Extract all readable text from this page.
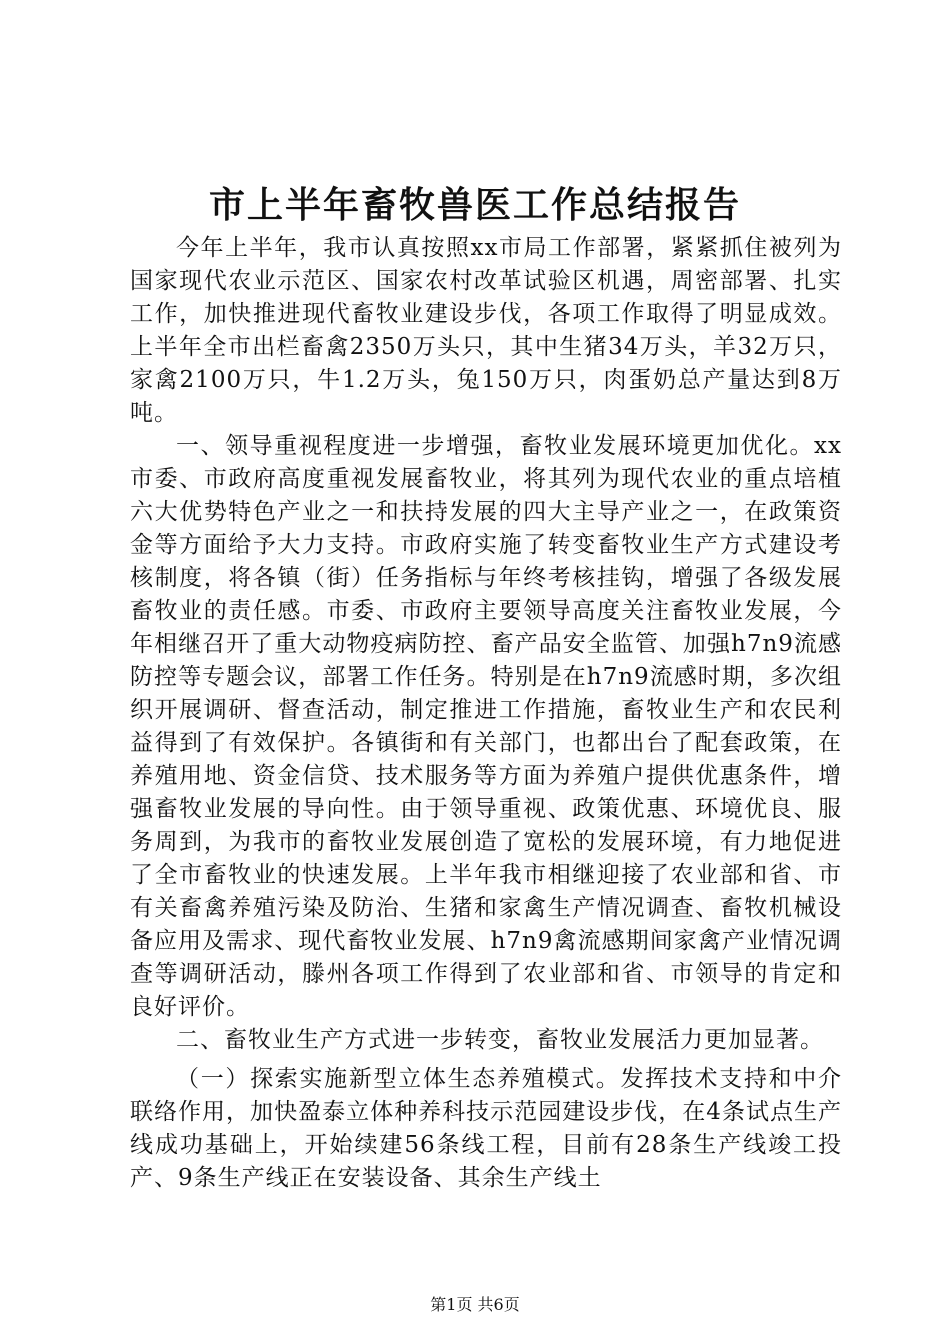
市上半年畜牧兽医工作总结报告

今年上半年，我市认真按照xx市局工作部署，紧紧抓住被列为国家现代农业示范区、国家农村改革试验区机遇，周密部署、扎实工作，加快推进现代畜牧业建设步伐，各项工作取得了明显成效。上半年全市出栏畜禽2350万头只，其中生猪34万头，羊32万只，家禽2100万只，牛1.2万头，兔150万只，肉蛋奶总产量达到8万吨。

一、领导重视程度进一步增强，畜牧业发展环境更加优化。xx市委、市政府高度重视发展畜牧业，将其列为现代农业的重点培植六大优势特色产业之一和扶持发展的四大主导产业之一，在政策资金等方面给予大力支持。市政府实施了转变畜牧业生产方式建设考核制度，将各镇（街）任务指标与年终考核挂钩，增强了各级发展畜牧业的责任感。市委、市政府主要领导高度关注畜牧业发展，今年相继召开了重大动物疫病防控、畜产品安全监管、加强h7n9流感防控等专题会议，部署工作任务。特别是在h7n9流感时期，多次组织开展调研、督查活动，制定推进工作措施，畜牧业生产和农民利益得到了有效保护。各镇街和有关部门，也都出台了配套政策，在养殖用地、资金信贷、技术服务等方面为养殖户提供优惠条件，增强畜牧业发展的导向性。由于领导重视、政策优惠、环境优良、服务周到，为我市的畜牧业发展创造了宽松的发展环境，有力地促进了全市畜牧业的快速发展。上半年我市相继迎接了农业部和省、市有关畜禽养殖污染及防治、生猪和家禽生产情况调查、畜牧机械设备应用及需求、现代畜牧业发展、h7n9禽流感期间家禽产业情况调查等调研活动，滕州各项工作得到了农业部和省、市领导的肯定和良好评价。

二、畜牧业生产方式进一步转变，畜牧业发展活力更加显著。

（一）探索实施新型立体生态养殖模式。发挥技术支持和中介联络作用，加快盈泰立体种养科技示范园建设步伐，在4条试点生产线成功基础上，开始续建56条线工程，目前有28条生产线竣工投产、9条生产线正在安装设备、其余生产线土

第1页 共6页
